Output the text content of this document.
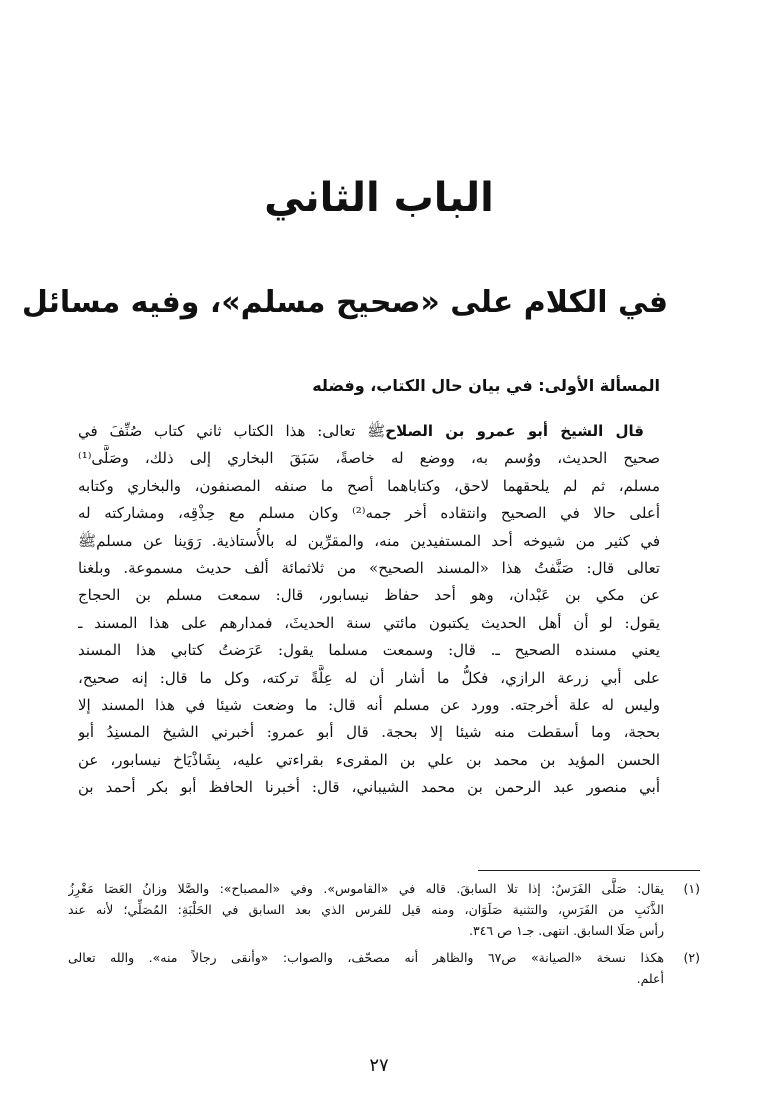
الباب الثاني
في الكلام على «صحيح مسلم»، وفيه مسائل
المسألة الأولى: في بيان حال الكتاب، وفضله
قال الشيخ أبو عمرو بن الصلاحﷺ تعالى: هذا الكتاب ثاني كتاب صُنِّفَ في
صحيح الحديث، ووُسم به، ووضع له خاصةً، سَبَقَ البخاري إلى ذلك، وصَلَّى⁽¹⁾
مسلم، ثم لم يلحقهما لاحق، وكتاباهما أصح ما صنفه المصنفون، والبخاري وكتابه
أعلى حالا في الصحيح وانتقاده أخر جمه⁽²⁾ وكان مسلم مع حِذْقِه، ومشاركته له
في كثير من شيوخه أحد المستفيدين منه، والمقرِّين له بالأُستاذية. رَوَينا عن مسلمﷺ
تعالى قال: صَنَّفتُ هذا «المسند الصحيح» من ثلاثمائة ألف حديث مسموعة. وبلغنا
عن مكي بن عَبْدان، وهو أحد حفاظ نيسابور، قال: سمعت مسلم بن الحجاج
يقول: لو أن أهل الحديث يكتبون مائتي سنة الحديثَ، فمدارهم على هذا المسند ـ
يعني مسنده الصحيح ـ. قال: وسمعت مسلما يقول: عَرَضتُ كتابي هذا المسند
على أبي زرعة الرازي، فكلُّ ما أشار أن له عِلَّةً تركته، وكل ما قال: إنه صحيح،
وليس له علة أخرجته. وورد عن مسلم أنه قال: ما وضعت شيئا في هذا المسند إلا
بحجة، وما أسقطت منه شيئا إلا بحجة. قال أبو عمرو: أخبرني الشيخ المسنِدُ أبو
الحسن المؤيد بن محمد بن علي بن المقرىء بقراءتي عليه، بِشَاذْيَاخ نيسابور، عن
أبي منصور عبد الرحمن بن محمد الشيباني، قال: أخبرنا الحافظ أبو بكر أحمد بن
(١)
يقال: صَلَّى الفَرَسُ: إذا تلا السابقَ. قاله في «القاموس». وفي «المصباح»: والصَّلا وزانُ العَصَا مَغْرِزُ
الذَّنَبِ من الفَرَسِ، والتثنية صَلَوَان، ومنه قيل للفرس الذي بعد السابق في الحَلْبَةِ: المُصَلِّي؛ لأنه عند
رأس صَلَا السابق. انتهى. جـ١ ص ٣٤٦.
(٢)
هكذا نسخة «الصيانة» ص٦٧ والظاهر أنه مصحّف، والصواب: «وأنقى رجالاً منه». والله تعالى
أعلم.
٢٧
